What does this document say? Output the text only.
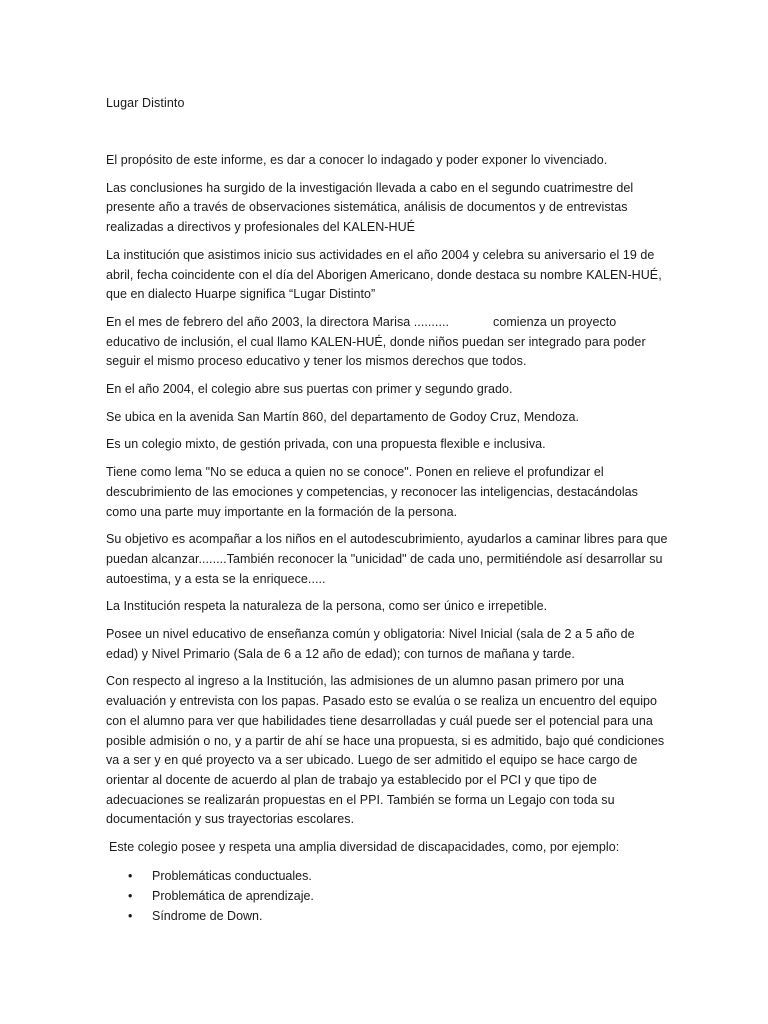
Lugar Distinto

El propósito de este informe, es dar a conocer lo indagado y poder exponer lo vivenciado.

Las conclusiones ha surgido de la investigación llevada a cabo en el segundo cuatrimestre del presente año a través de observaciones sistemática, análisis de documentos y de entrevistas realizadas a directivos y profesionales del KALEN-HUÉ

La institución que asistimos inicio sus actividades en el año 2004 y celebra su aniversario el 19 de abril, fecha coincidente con el día del Aborigen Americano, donde destaca su nombre KALEN-HUÉ, que en dialecto Huarpe significa “Lugar Distinto”

En el mes de febrero del año 2003, la directora Marisa ..........	comienza un proyecto educativo de inclusión, el cual llamo KALEN-HUÉ, donde niños puedan ser integrado para poder seguir el mismo proceso educativo y tener los mismos derechos que todos.

En el año 2004, el colegio abre sus puertas con primer y segundo grado.

Se ubica en la avenida San Martín 860, del departamento de Godoy Cruz, Mendoza.

Es un colegio mixto, de gestión privada, con una propuesta flexible e inclusiva.

Tiene como lema "No se educa a quien no se conoce". Ponen en relieve el profundizar el descubrimiento de las emociones y competencias, y reconocer las inteligencias, destacándolas como una parte muy importante en la formación de la persona.

Su objetivo es acompañar a los niños en el autodescubrimiento, ayudarlos a caminar libres para que puedan alcanzar........También reconocer la "unicidad" de cada uno, permitiéndole así desarrollar su autoestima, y a esta se la enriquece.....

La Institución respeta la naturaleza de la persona, como ser único e irrepetible.

Posee un nivel educativo de enseñanza común y obligatoria: Nivel Inicial (sala de 2 a 5 año de edad) y Nivel Primario (Sala de 6 a 12 año de edad); con turnos de mañana y tarde.

Con respecto al ingreso a la Institución, las admisiones de un alumno pasan primero por una evaluación y entrevista con los papas. Pasado esto se evalúa o se realiza un encuentro del equipo con el alumno para ver que habilidades tiene desarrolladas y cuál puede ser el potencial para una posible admisión o no, y a partir de ahí se hace una propuesta, si es admitido, bajo qué condiciones va a ser y en qué proyecto va a ser ubicado. Luego de ser admitido el equipo se hace cargo de orientar al docente de acuerdo al plan de trabajo ya establecido por el PCI y que tipo de adecuaciones se realizarán propuestas en el PPI. También se forma un Legajo con toda su documentación y sus trayectorias escolares.

Este colegio posee y respeta una amplia diversidad de discapacidades, como, por ejemplo:

• Problemáticas conductuales.
• Problemática de aprendizaje.
• Síndrome de Down.
